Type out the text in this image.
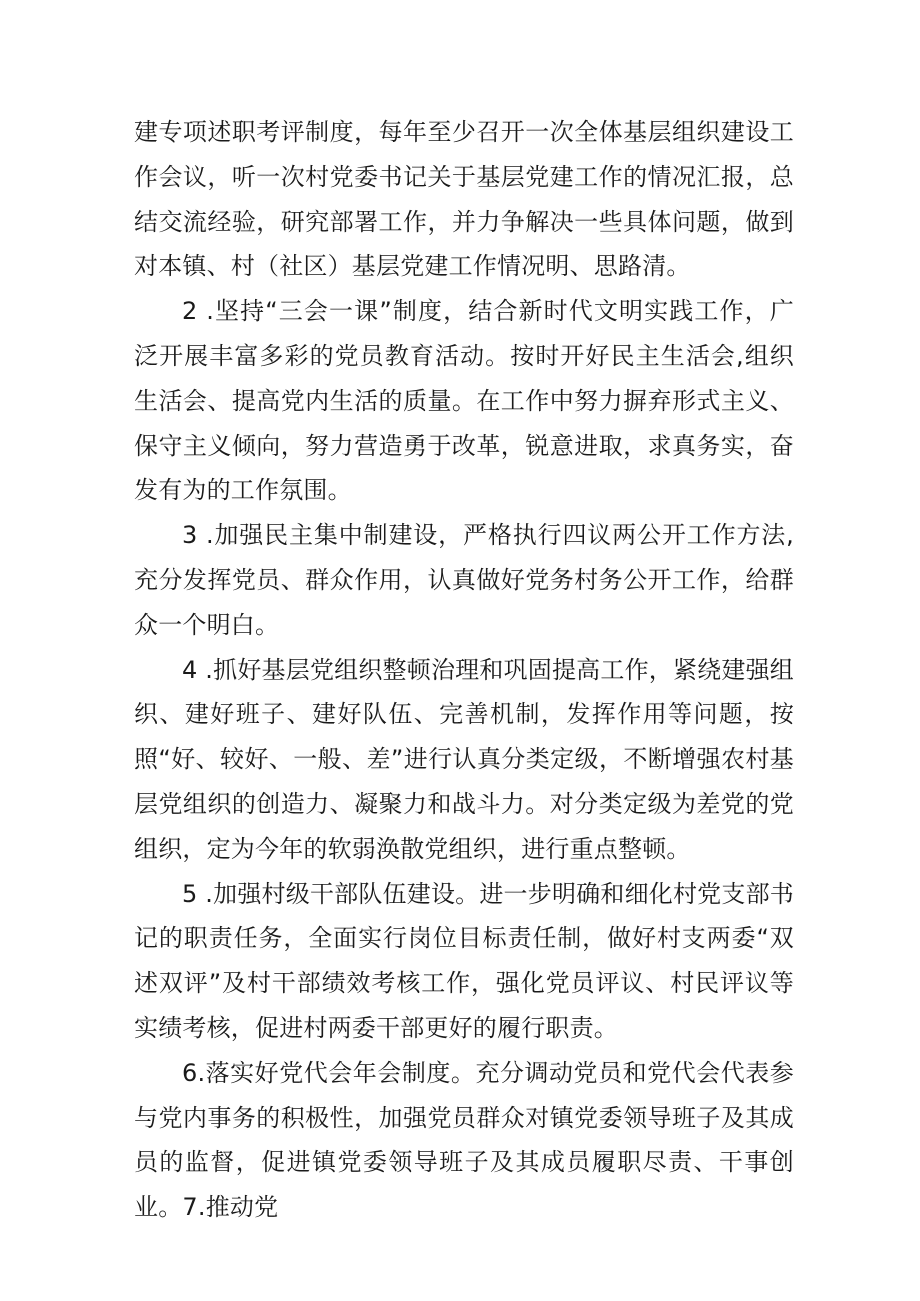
建专项述职考评制度，每年至少召开一次全体基层组织建设工作会议，听一次村党委书记关于基层党建工作的情况汇报，总结交流经验，研究部署工作，并力争解决一些具体问题，做到对本镇、村（社区）基层党建工作情况明、思路清。

2 .坚持“三会一课”制度，结合新时代文明实践工作，广泛开展丰富多彩的党员教育活动。按时开好民主生活会,组织生活会、提高党内生活的质量。在工作中努力摒弃形式主义、保守主义倾向，努力营造勇于改革，锐意进取，求真务实，奋发有为的工作氛围。

3 .加强民主集中制建设，严格执行四议两公开工作方法,充分发挥党员、群众作用，认真做好党务村务公开工作，给群众一个明白。

4 .抓好基层党组织整顿治理和巩固提高工作，紧绕建强组织、建好班子、建好队伍、完善机制，发挥作用等问题，按照“好、较好、一般、差”进行认真分类定级，不断增强农村基层党组织的创造力、凝聚力和战斗力。对分类定级为差党的党组织，定为今年的软弱涣散党组织，进行重点整顿。

5 .加强村级干部队伍建设。进一步明确和细化村党支部书记的职责任务，全面实行岗位目标责任制，做好村支两委“双述双评”及村干部绩效考核工作，强化党员评议、村民评议等实绩考核，促进村两委干部更好的履行职责。

6.落实好党代会年会制度。充分调动党员和党代会代表参与党内事务的积极性，加强党员群众对镇党委领导班子及其成员的监督，促进镇党委领导班子及其成员履职尽责、干事创业。7.推动党
